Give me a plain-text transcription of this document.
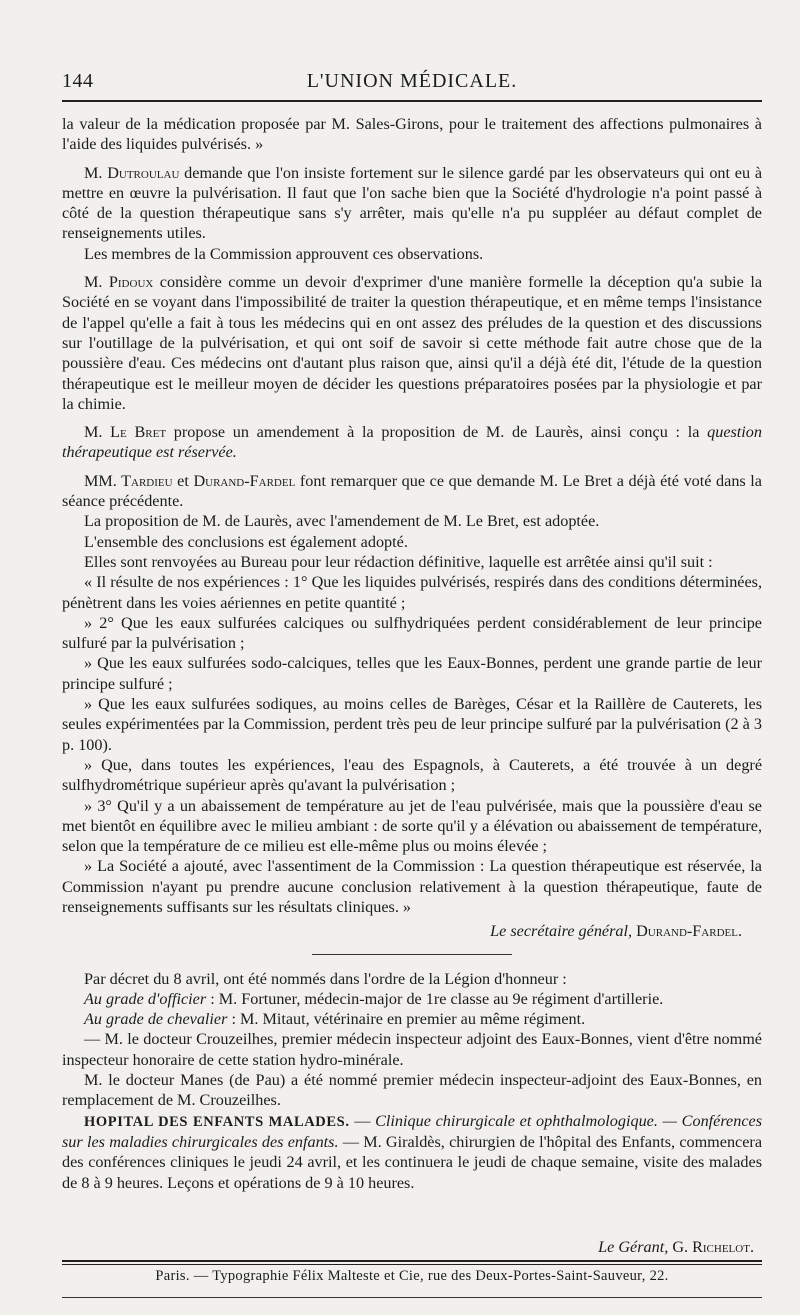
144	L'UNION MÉDICALE.

la valeur de la médication proposée par M. Sales-Girons, pour le traitement des affections pulmonaires à l'aide des liquides pulvérisés. »

M. Dutroulau demande que l'on insiste fortement sur le silence gardé par les observateurs qui ont eu à mettre en œuvre la pulvérisation. Il faut que l'on sache bien que la Société d'hydrologie n'a point passé à côté de la question thérapeutique sans s'y arrêter, mais qu'elle n'a pu suppléer au défaut complet de renseignements utiles.

Les membres de la Commission approuvent ces observations.

M. Pidoux considère comme un devoir d'exprimer d'une manière formelle la déception qu'a subie la Société en se voyant dans l'impossibilité de traiter la question thérapeutique, et en même temps l'insistance de l'appel qu'elle a fait à tous les médecins qui en ont assez des préludes de la question et des discussions sur l'outillage de la pulvérisation, et qui ont soif de savoir si cette méthode fait autre chose que de la poussière d'eau. Ces médecins ont d'autant plus raison que, ainsi qu'il a déjà été dit, l'étude de la question thérapeutique est le meilleur moyen de décider les questions préparatoires posées par la physiologie et par la chimie.

M. Le Bret propose un amendement à la proposition de M. de Laurès, ainsi conçu : la question thérapeutique est réservée.

MM. Tardieu et Durand-Fardel font remarquer que ce que demande M. Le Bret a déjà été voté dans la séance précédente.

La proposition de M. de Laurès, avec l'amendement de M. Le Bret, est adoptée.

L'ensemble des conclusions est également adopté.

Elles sont renvoyées au Bureau pour leur rédaction définitive, laquelle est arrêtée ainsi qu'il suit :

« Il résulte de nos expériences : 1° Que les liquides pulvérisés, respirés dans des conditions déterminées, pénètrent dans les voies aériennes en petite quantité ;

» 2° Que les eaux sulfurées calciques ou sulfhydriquées perdent considérablement de leur principe sulfuré par la pulvérisation ;

» Que les eaux sulfurées sodo-calciques, telles que les Eaux-Bonnes, perdent une grande partie de leur principe sulfuré ;

» Que les eaux sulfurées sodiques, au moins celles de Barèges, César et la Raillère de Cauterets, les seules expérimentées par la Commission, perdent très peu de leur principe sulfuré par la pulvérisation (2 à 3 p. 100).

» Que, dans toutes les expériences, l'eau des Espagnols, à Cauterets, a été trouvée à un degré sulfhydrométrique supérieur après qu'avant la pulvérisation ;

» 3° Qu'il y a un abaissement de température au jet de l'eau pulvérisée, mais que la poussière d'eau se met bientôt en équilibre avec le milieu ambiant : de sorte qu'il y a élévation ou abaissement de température, selon que la température de ce milieu est elle-même plus ou moins élevée ;

» La Société a ajouté, avec l'assentiment de la Commission : La question thérapeutique est réservée, la Commission n'ayant pu prendre aucune conclusion relativement à la question thérapeutique, faute de renseignements suffisants sur les résultats cliniques. »

Le secrétaire général, Durand-Fardel.

Par décret du 8 avril, ont été nommés dans l'ordre de la Légion d'honneur :

Au grade d'officier : M. Fortuner, médecin-major de 1re classe au 9e régiment d'artillerie.

Au grade de chevalier : M. Mitaut, vétérinaire en premier au même régiment.

— M. le docteur Crouzeilhes, premier médecin inspecteur adjoint des Eaux-Bonnes, vient d'être nommé inspecteur honoraire de cette station hydro-minérale.

M. le docteur Manes (de Pau) a été nommé premier médecin inspecteur-adjoint des Eaux-Bonnes, en remplacement de M. Crouzeilhes.

HOPITAL DES ENFANTS MALADES. — Clinique chirurgicale et ophthalmologique. — Conférences sur les maladies chirurgicales des enfants. — M. Giraldès, chirurgien de l'hôpital des Enfants, commencera des conférences cliniques le jeudi 24 avril, et les continuera le jeudi de chaque semaine, visite des malades de 8 à 9 heures. Leçons et opérations de 9 à 10 heures.

Le Gérant, G. Richelot.
Paris. — Typographie Félix Malteste et Cie, rue des Deux-Portes-Saint-Sauveur, 22.
